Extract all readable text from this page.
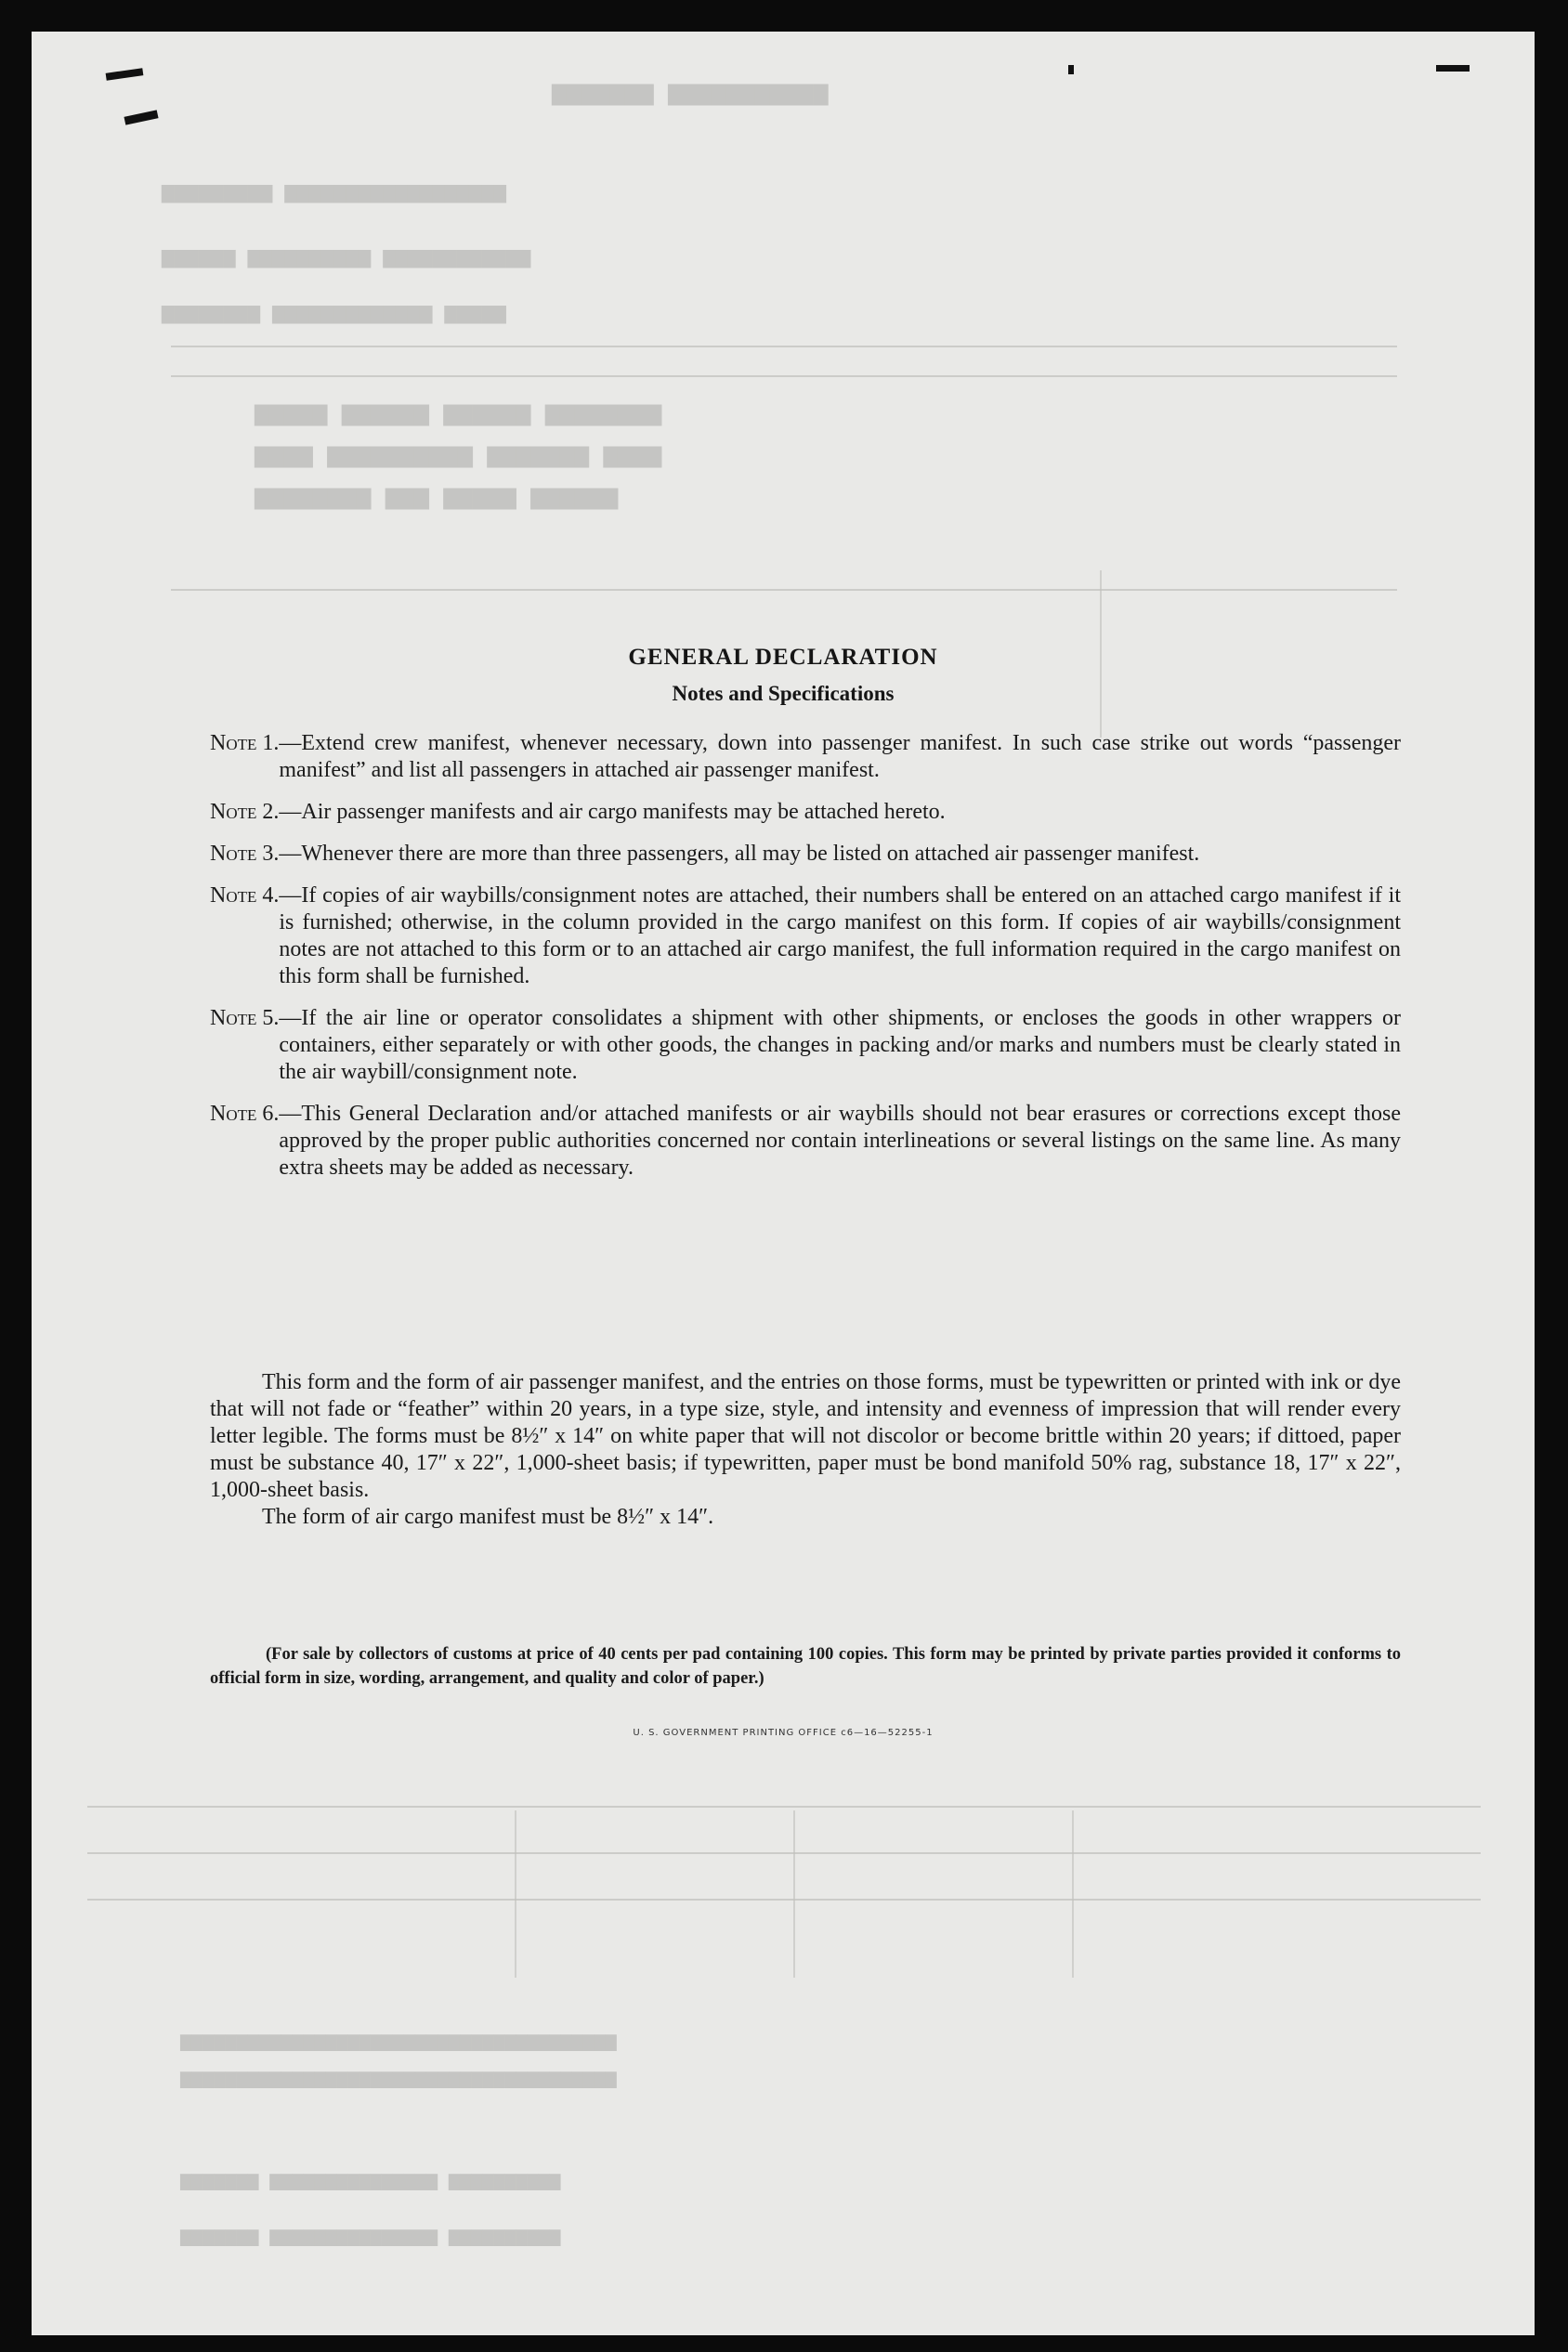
▆▆▆▆▆ ▆▆▆▆▆▆ ▆▆▆▆▆▆ ▆▆▆▆▆▆▆▆
▆▆▆▆ ▆▆▆▆▆▆▆▆▆▆ ▆▆▆▆▆▆▆ ▆▆▆▆
▆▆▆▆▆▆▆▆ ▆▆▆ ▆▆▆▆▆ ▆▆▆▆▆▆
▆▆▆▆▆▆▆ ▆▆▆▆▆▆▆▆▆▆▆
▆▆▆▆▆▆▆▆▆ ▆▆▆▆▆▆▆▆▆▆▆▆▆▆▆▆▆▆
▆▆▆▆▆▆ ▆▆▆▆▆▆▆▆▆▆ ▆▆▆▆▆▆▆▆▆▆▆▆
▆▆▆▆▆▆▆▆ ▆▆▆▆▆▆▆▆▆▆▆▆▆ ▆▆▆▆▆
▆▆▆▆▆▆▆▆▆▆▆▆▆▆▆▆▆▆▆▆▆▆▆▆▆▆▆▆▆▆▆▆▆▆▆▆▆▆▆
▆▆▆▆▆▆▆▆▆▆▆▆▆▆▆▆▆▆▆▆▆▆▆▆▆▆▆▆▆▆▆▆▆▆▆▆▆▆▆
▆▆▆▆▆▆▆ ▆▆▆▆▆▆▆▆▆▆▆▆▆▆▆ ▆▆▆▆▆▆▆▆▆▆
▆▆▆▆▆▆▆ ▆▆▆▆▆▆▆▆▆▆▆▆▆▆▆ ▆▆▆▆▆▆▆▆▆▆
GENERAL DECLARATION
Notes and Specifications
Note 1. —Extend crew manifest, whenever necessary, down into passenger manifest. In such case strike out words “passenger manifest” and list all passengers in attached air passenger manifest.
Note 2. —Air passenger manifests and air cargo manifests may be attached hereto.
Note 3. —Whenever there are more than three passengers, all may be listed on attached air passenger manifest.
Note 4. —If copies of air waybills/consignment notes are attached, their numbers shall be entered on an attached cargo manifest if it is furnished; otherwise, in the column provided in the cargo manifest on this form. If copies of air waybills/consignment notes are not attached to this form or to an attached air cargo manifest, the full information required in the cargo manifest on this form shall be furnished.
Note 5. —If the air line or operator consolidates a shipment with other shipments, or encloses the goods in other wrappers or containers, either separately or with other goods, the changes in packing and/or marks and numbers must be clearly stated in the air waybill/consignment note.
Note 6. —This General Declaration and/or attached manifests or air waybills should not bear erasures or corrections except those approved by the proper public authorities concerned nor contain interlineations or several listings on the same line. As many extra sheets may be added as necessary.

This form and the form of air passenger manifest, and the entries on those forms, must be typewritten or printed with ink or dye that will not fade or “feather” within 20 years, in a type size, style, and intensity and evenness of impression that will render every letter legible. The forms must be 8½″ x 14″ on white paper that will not discolor or become brittle within 20 years; if dittoed, paper must be substance 40, 17″ x 22″, 1,000-sheet basis; if typewritten, paper must be bond manifold 50% rag, substance 18, 17″ x 22″, 1,000-sheet basis.

The form of air cargo manifest must be 8½″ x 14″.

(For sale by collectors of customs at price of 40 cents per pad containing 100 copies. This form may be printed by private parties provided it conforms to official form in size, wording, arrangement, and quality and color of paper.)
U. S. GOVERNMENT PRINTING OFFICE c6—16—52255-1
